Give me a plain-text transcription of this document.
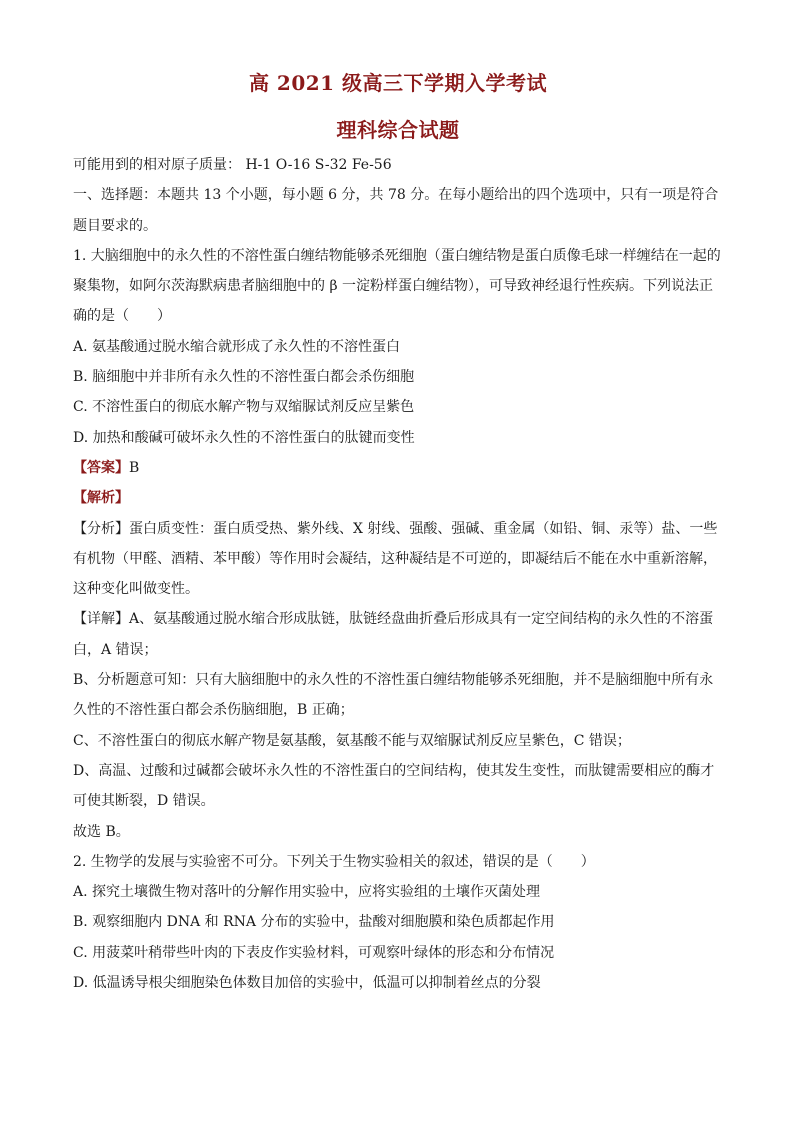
高 2021 级高三下学期入学考试
理科综合试题

可能用到的相对原子质量： H-1 O-16 S-32 Fe-56

一、选择题：本题共 13 个小题，每小题 6 分，共 78 分。在每小题给出的四个选项中，只有一项是符合题目要求的。

1. 大脑细胞中的永久性的不溶性蛋白缠结物能够杀死细胞（蛋白缠结物是蛋白质像毛球一样缠结在一起的聚集物，如阿尔茨海默病患者脑细胞中的 β 一淀粉样蛋白缠结物），可导致神经退行性疾病。下列说法正确的是（　　）

A. 氨基酸通过脱水缩合就形成了永久性的不溶性蛋白

B. 脑细胞中并非所有永久性的不溶性蛋白都会杀伤细胞

C. 不溶性蛋白的彻底水解产物与双缩脲试剂反应呈紫色

D. 加热和酸碱可破坏永久性的不溶性蛋白的肽键而变性

【答案】B

【解析】

【分析】蛋白质变性：蛋白质受热、紫外线、X 射线、强酸、强碱、重金属（如铅、铜、汞等）盐、一些有机物（甲醛、酒精、苯甲酸）等作用时会凝结，这种凝结是不可逆的，即凝结后不能在水中重新溶解，这种变化叫做变性。

【详解】A、氨基酸通过脱水缩合形成肽链，肽链经盘曲折叠后形成具有一定空间结构的永久性的不溶蛋白，A 错误；

B、分析题意可知：只有大脑细胞中的永久性的不溶性蛋白缠结物能够杀死细胞，并不是脑细胞中所有永久性的不溶性蛋白都会杀伤脑细胞，B 正确；

C、不溶性蛋白的彻底水解产物是氨基酸，氨基酸不能与双缩脲试剂反应呈紫色，C 错误；

D、高温、过酸和过碱都会破坏永久性的不溶性蛋白的空间结构，使其发生变性，而肽键需要相应的酶才可使其断裂，D 错误。

故选 B。

2. 生物学的发展与实验密不可分。下列关于生物实验相关的叙述，错误的是（　　）

A. 探究土壤微生物对落叶的分解作用实验中，应将实验组的土壤作灭菌处理

B. 观察细胞内 DNA 和 RNA 分布的实验中，盐酸对细胞膜和染色质都起作用

C. 用菠菜叶稍带些叶肉的下表皮作实验材料，可观察叶绿体的形态和分布情况

D. 低温诱导根尖细胞染色体数目加倍的实验中，低温可以抑制着丝点的分裂
